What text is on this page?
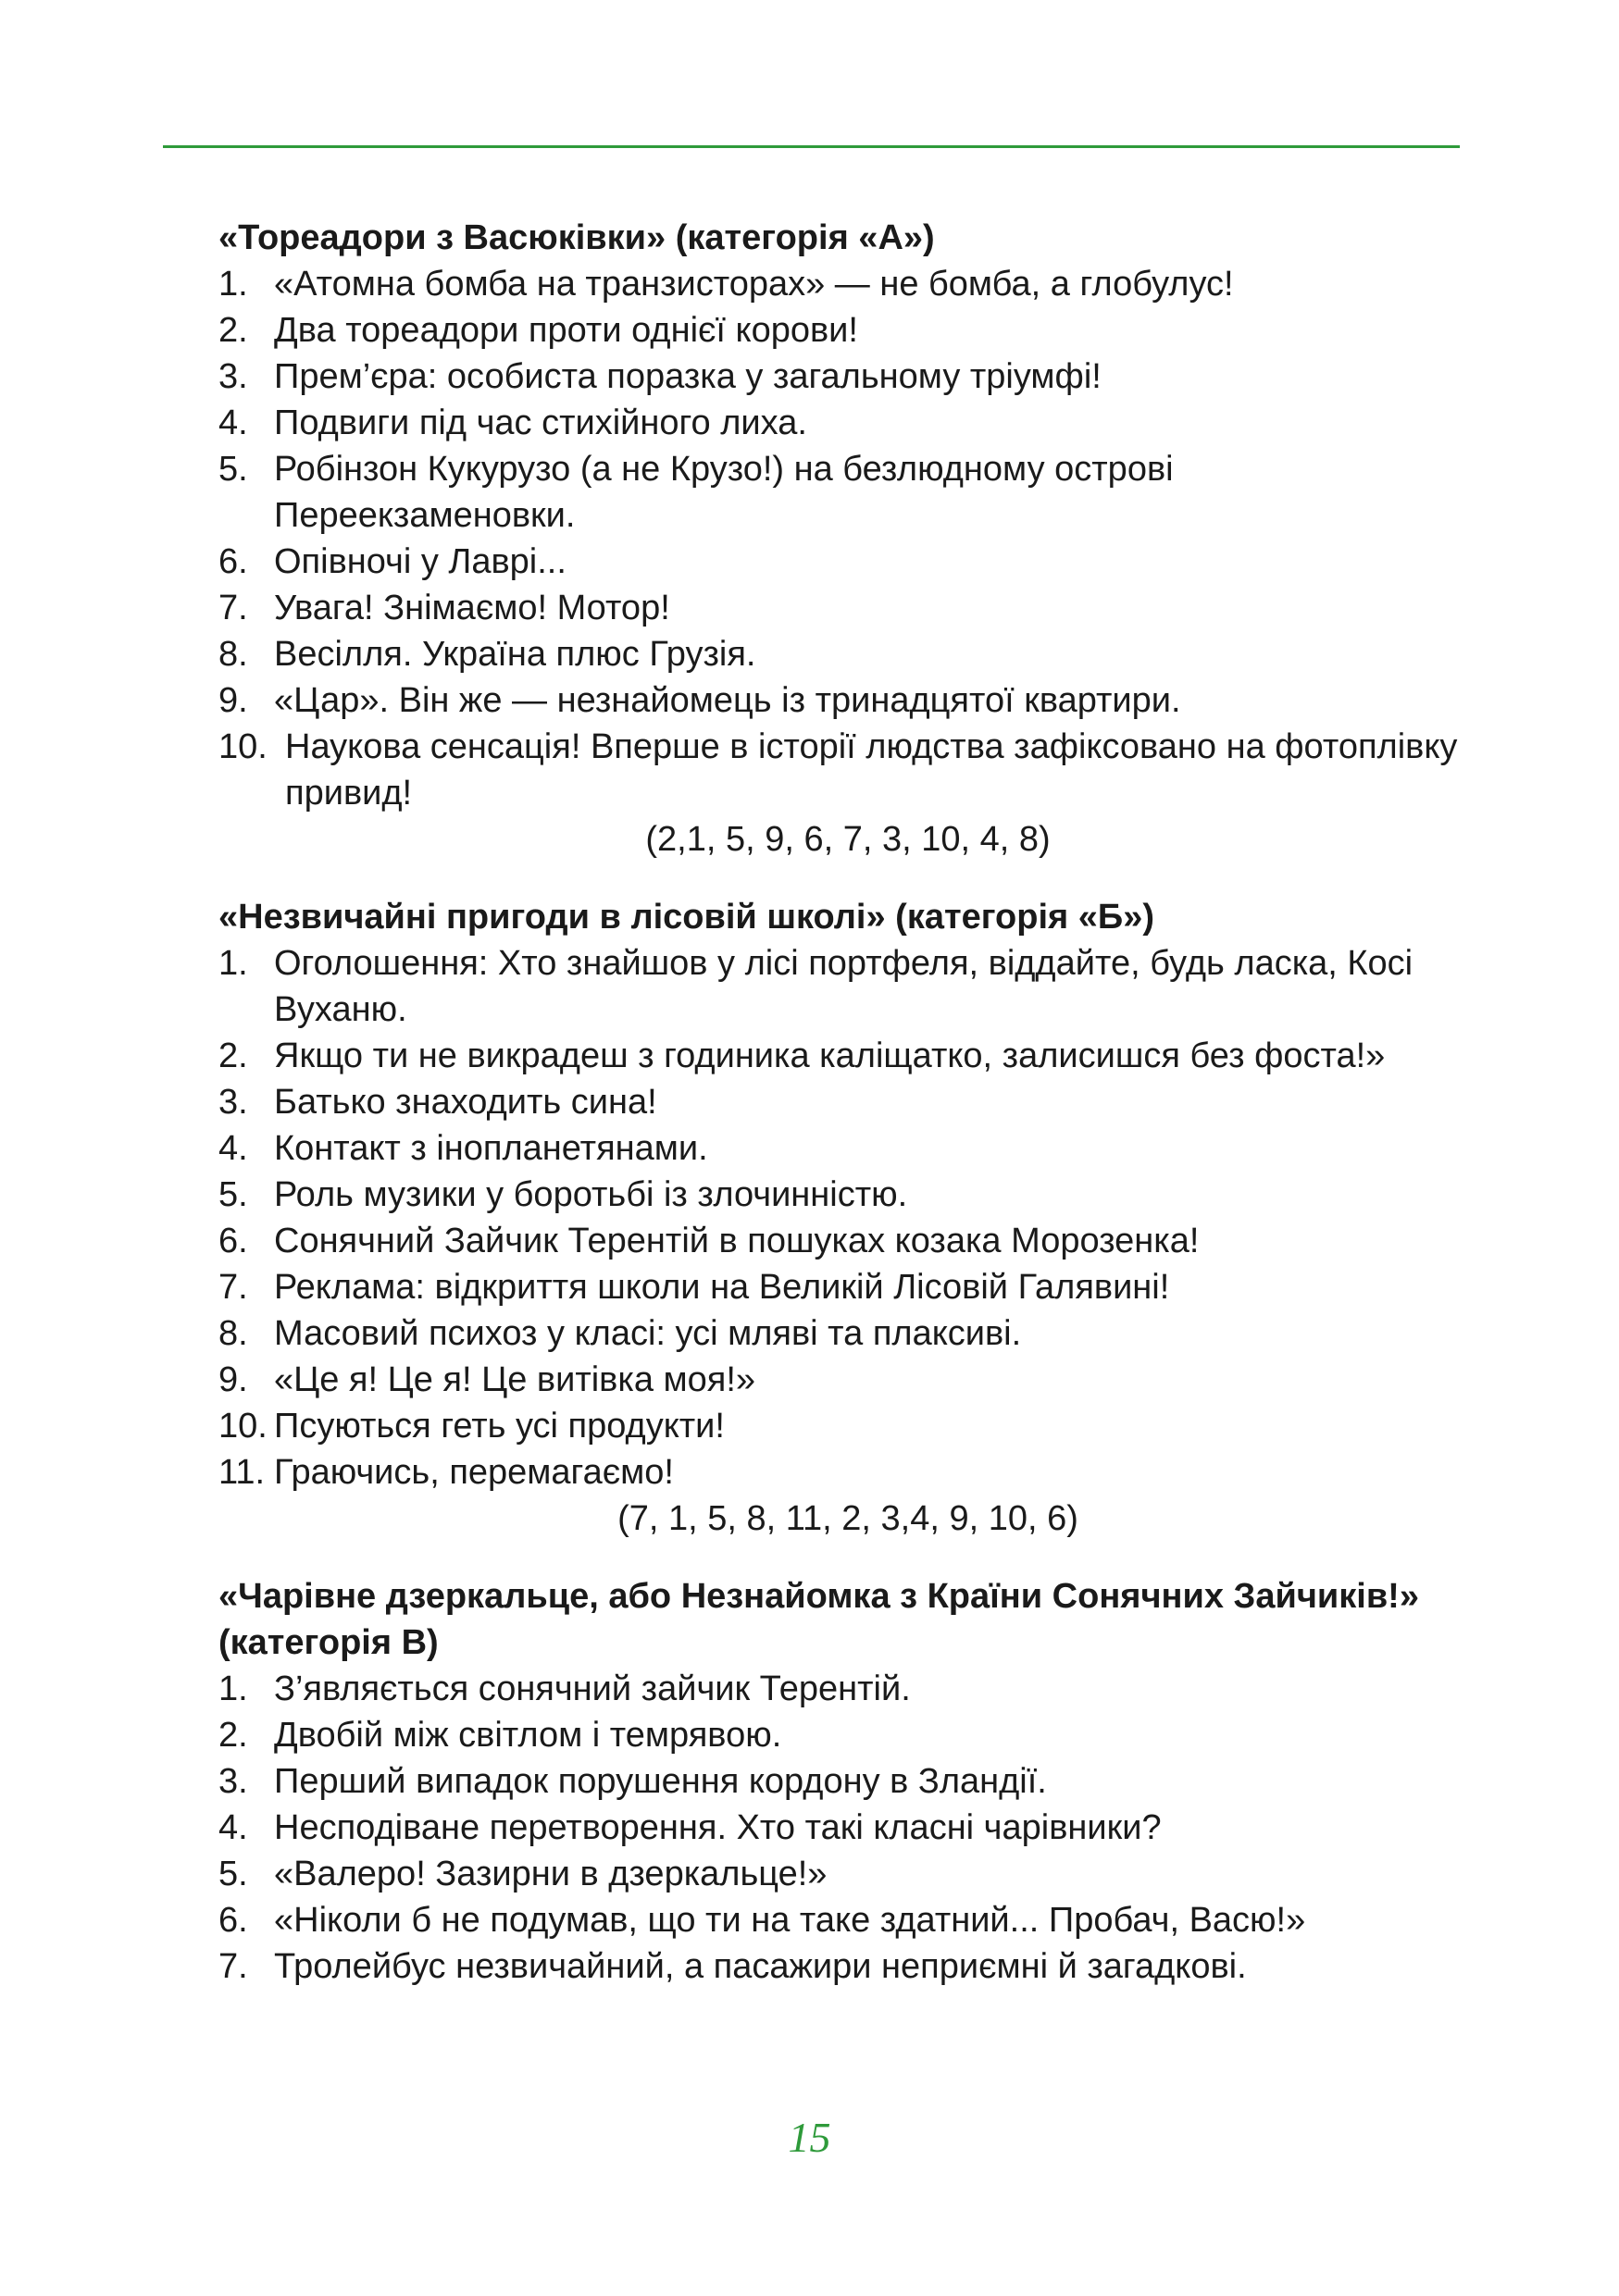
«Тореадори з Васюківки» (категорія «А»)

1. «Атомна бомба на транзисторах» — не бомба, а глобулус!
2. Два тореадори проти однієї корови!
3. Прем’єра: особиста поразка у загальному тріумфі!
4. Подвиги під час стихійного лиха.
5. Робінзон Кукурузо (а не Крузо!) на безлюдному острові Переекзаменовки.
6. Опівночі у Лаврі...
7. Увага! Знімаємо! Мотор!
8. Весілля. Україна плюс Грузія.
9. «Цар». Він же — незнайомець із тринадцятої квартири.
10. Наукова сенсація! Вперше в історії людства зафіксовано на фотоплівку привид!

(2,1, 5, 9, 6, 7, 3, 10, 4, 8)

«Незвичайні пригоди в лісовій школі» (категорія «Б»)

1. Оголошення: Хто знайшов у лісі портфеля, віддайте, будь ласка, Косі Вуханю.
2. Якщо ти не викрадеш з годиника каліщатко, залисишся без фоста!»
3. Батько знаходить сина!
4. Контакт з інопланетянами.
5. Роль музики у боротьбі із злочинністю.
6. Сонячний Зайчик Терентій в пошуках козака Морозенка!
7. Реклама: відкриття школи на Великій Лісовій Галявині!
8. Масовий психоз у класі: усі мляві та плаксиві.
9. «Це я! Це я! Це витівка моя!»
10. Псуються геть усі продукти!
11. Граючись, перемагаємо!

(7, 1, 5, 8, 11, 2, 3,4, 9, 10, 6)

«Чарівне дзеркальце, або Незнайомка з Країни Сонячних Зайчиків!» (категорія В)

1. З’являється сонячний зайчик Терентій.
2. Двобій між світлом і темрявою.
3. Перший випадок порушення кордону в Зландії.
4. Несподіване перетворення. Хто такі класні чарівники?
5. «Валеро! Зазирни в дзеркальце!»
6. «Ніколи б не подумав, що ти на таке здатний... Пробач, Васю!»
7. Тролейбус незвичайний, а пасажири неприємні й загадкові.
15
